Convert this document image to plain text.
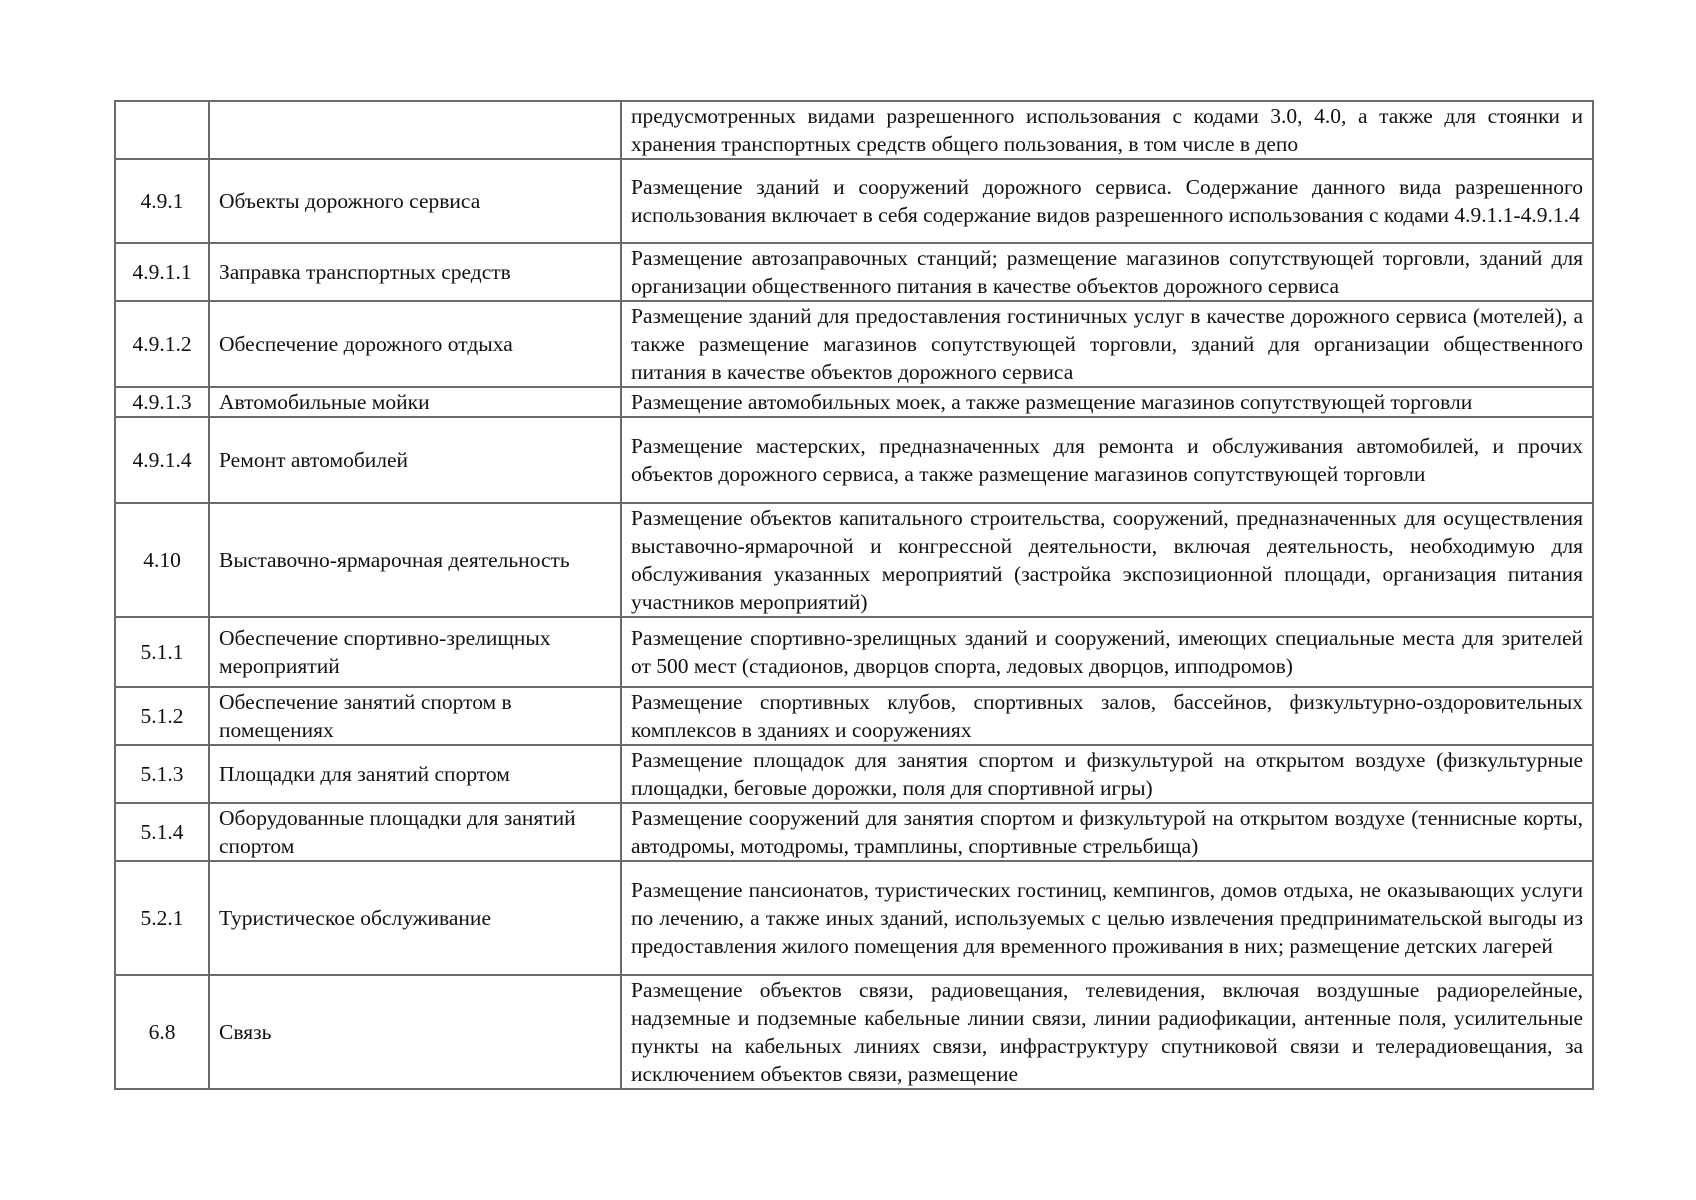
		предусмотренных видами разрешенного использования с кодами 3.0, 4.0, а также для стоянки и хранения транспортных средств общего пользования, в том числе в депо
4.9.1	Объекты дорожного сервиса	Размещение зданий и сооружений дорожного сервиса. Содержание данного вида разрешенного использования включает в себя содержание видов разрешенного использования с кодами 4.9.1.1-4.9.1.4
4.9.1.1	Заправка транспортных средств	Размещение автозаправочных станций; размещение магазинов сопутствующей торговли, зданий для организации общественного питания в качестве объектов дорожного сервиса
4.9.1.2	Обеспечение дорожного отдыха	Размещение зданий для предоставления гостиничных услуг в качестве дорожного сервиса (мотелей), а также размещение магазинов сопутствующей торговли, зданий для организации общественного питания в качестве объектов дорожного сервиса
4.9.1.3	Автомобильные мойки	Размещение автомобильных моек, а также размещение магазинов сопутствующей торговли
4.9.1.4	Ремонт автомобилей	Размещение мастерских, предназначенных для ремонта и обслуживания автомобилей, и прочих объектов дорожного сервиса, а также размещение магазинов сопутствующей торговли
4.10	Выставочно-ярмарочная деятельность	Размещение объектов капитального строительства, сооружений, предназначенных для осуществления выставочно-ярмарочной и конгрессной деятельности, включая деятельность, необходимую для обслуживания указанных мероприятий (застройка экспозиционной площади, организация питания участников мероприятий)
5.1.1	Обеспечение спортивно-зрелищных мероприятий	Размещение спортивно-зрелищных зданий и сооружений, имеющих специальные места для зрителей от 500 мест (стадионов, дворцов спорта, ледовых дворцов, ипподромов)
5.1.2	Обеспечение занятий спортом в помещениях	Размещение спортивных клубов, спортивных залов, бассейнов, физкультурно-оздоровительных комплексов в зданиях и сооружениях
5.1.3	Площадки для занятий спортом	Размещение площадок для занятия спортом и физкультурой на открытом воздухе (физкультурные площадки, беговые дорожки, поля для спортивной игры)
5.1.4	Оборудованные площадки для занятий спортом	Размещение сооружений для занятия спортом и физкультурой на открытом воздухе (теннисные корты, автодромы, мотодромы, трамплины, спортивные стрельбища)
5.2.1	Туристическое обслуживание	Размещение пансионатов, туристических гостиниц, кемпингов, домов отдыха, не оказывающих услуги по лечению, а также иных зданий, используемых с целью извлечения предпринимательской выгоды из предоставления жилого помещения для временного проживания в них; размещение детских лагерей
6.8	Связь	Размещение объектов связи, радиовещания, телевидения, включая воздушные радиорелейные, надземные и подземные кабельные линии связи, линии радиофикации, антенные поля, усилительные пункты на кабельных линиях связи, инфраструктуру спутниковой связи и телерадиовещания, за исключением объектов связи, размещение
